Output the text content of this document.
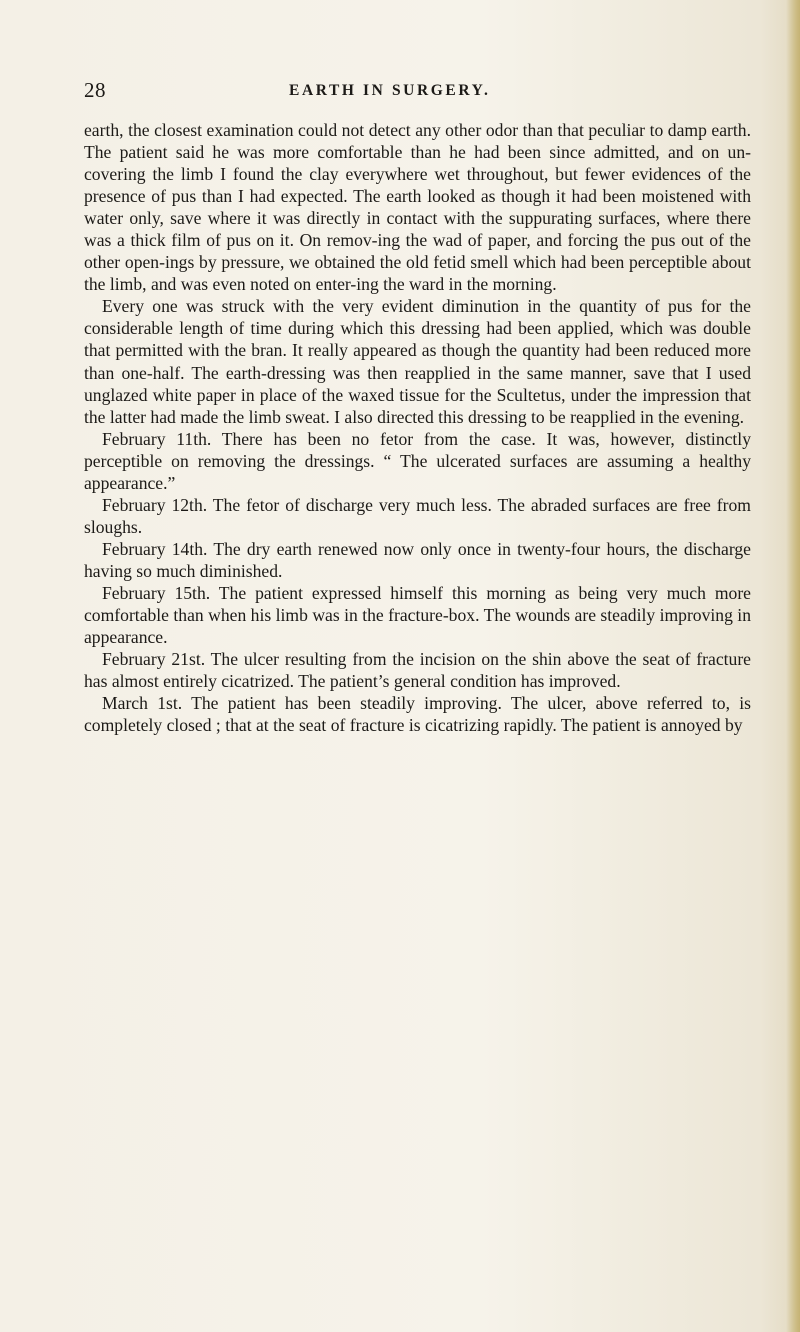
28	EARTH IN SURGERY.

earth, the closest examination could not detect any other odor than that peculiar to damp earth. The patient said he was more comfortable than he had been since admitted, and on un-covering the limb I found the clay everywhere wet throughout, but fewer evidences of the presence of pus than I had expected. The earth looked as though it had been moistened with water only, save where it was directly in contact with the suppurating surfaces, where there was a thick film of pus on it. On remov-ing the wad of paper, and forcing the pus out of the other open-ings by pressure, we obtained the old fetid smell which had been perceptible about the limb, and was even noted on enter-ing the ward in the morning.

Every one was struck with the very evident diminution in the quantity of pus for the considerable length of time during which this dressing had been applied, which was double that permitted with the bran. It really appeared as though the quantity had been reduced more than one-half. The earth-dressing was then reapplied in the same manner, save that I used unglazed white paper in place of the waxed tissue for the Scultetus, under the impression that the latter had made the limb sweat. I also directed this dressing to be reapplied in the evening.

February 11th. There has been no fetor from the case. It was, however, distinctly perceptible on removing the dressings. “ The ulcerated surfaces are assuming a healthy appearance.”

February 12th. The fetor of discharge very much less. The abraded surfaces are free from sloughs.

February 14th. The dry earth renewed now only once in twenty-four hours, the discharge having so much diminished.

February 15th. The patient expressed himself this morning as being very much more comfortable than when his limb was in the fracture-box. The wounds are steadily improving in appearance.

February 21st. The ulcer resulting from the incision on the shin above the seat of fracture has almost entirely cicatrized. The patient’s general condition has improved.

March 1st. The patient has been steadily improving. The ulcer, above referred to, is completely closed ; that at the seat of fracture is cicatrizing rapidly. The patient is annoyed by
